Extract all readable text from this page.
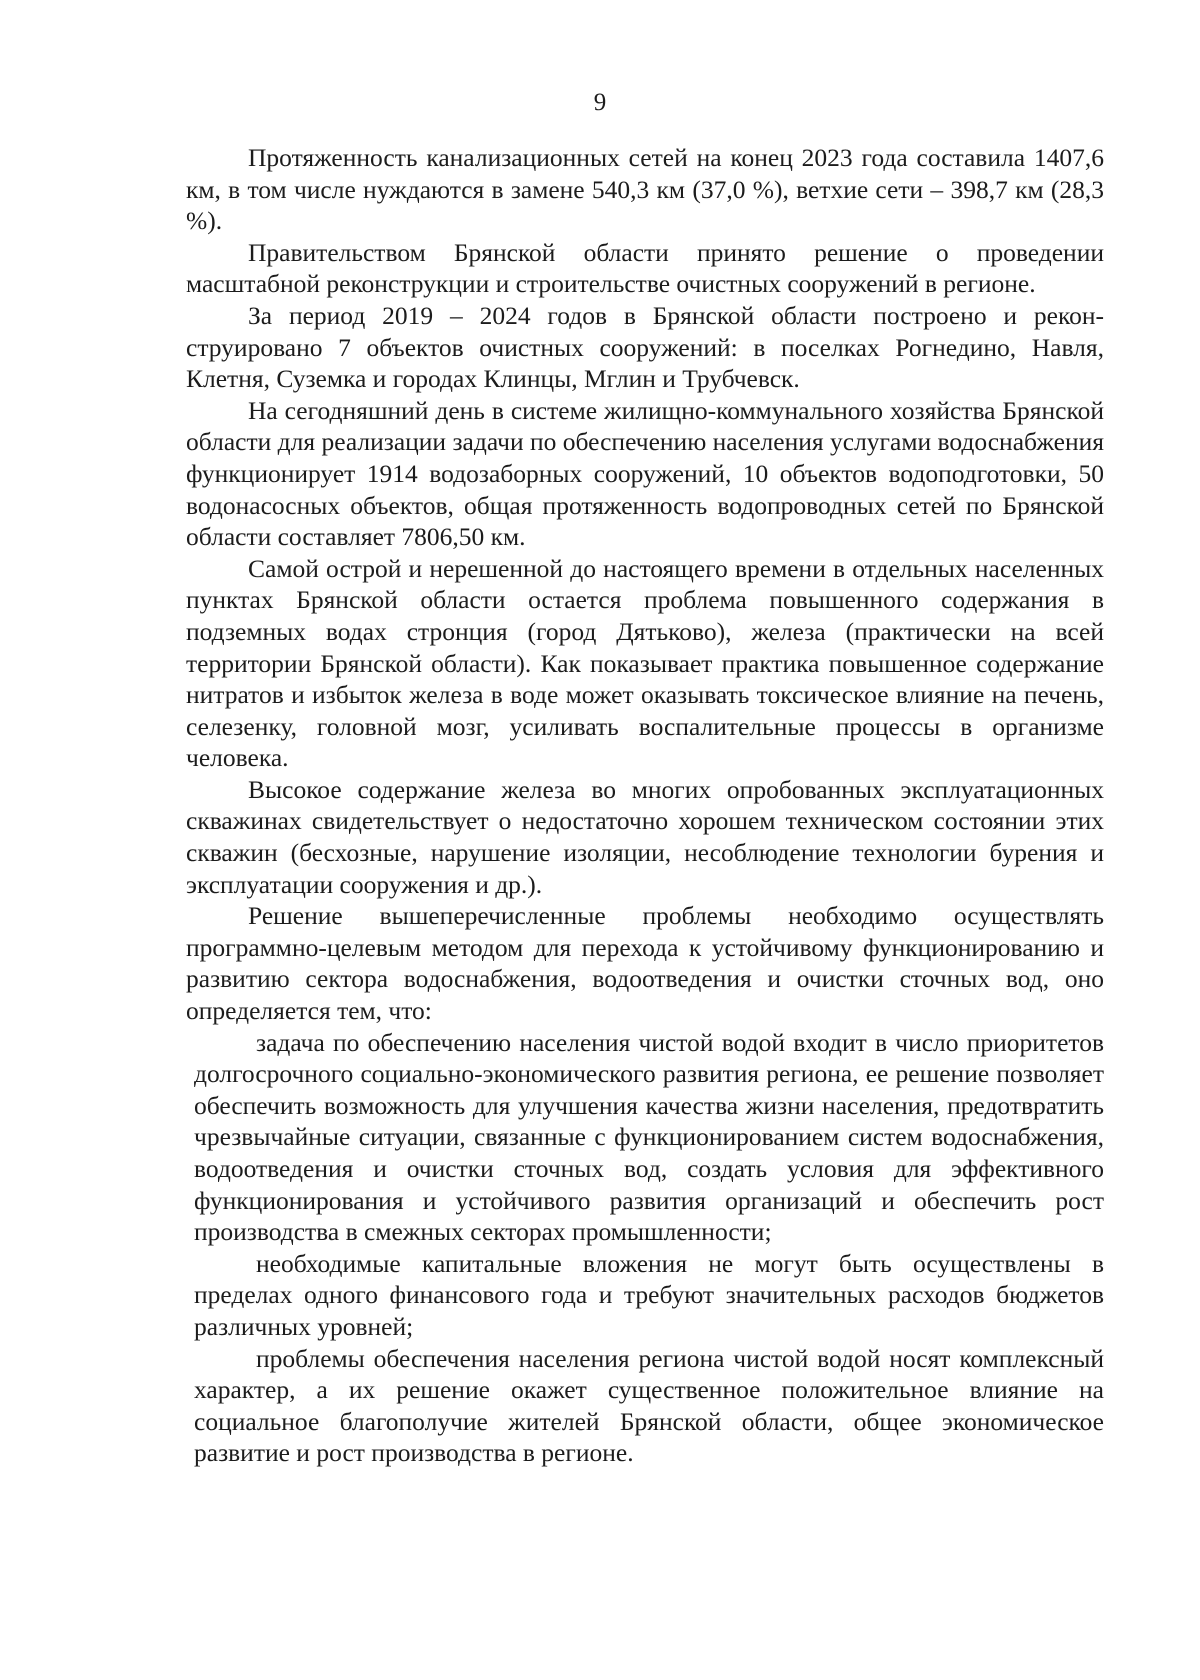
9

Протяженность канализационных сетей на конец 2023 года составила 1407,6 км, в том числе нуждаются в замене 540,3 км (37,0 %), ветхие сети – 398,7 км (28,3 %).

Правительством Брянской области принято решение о проведении масштабной реконструкции и строительстве очистных сооружений в регионе.

За период 2019 – 2024 годов в Брянской области построено и реконструировано 7 объектов очистных сооружений: в поселках Рогнедино, Навля, Клетня, Суземка и городах Клинцы, Мглин и Трубчевск.

На сегодняшний день в системе жилищно-коммунального хозяйства Брянской области для реализации задачи по обеспечению населения услугами водоснабжения функционирует 1914 водозаборных сооружений, 10 объектов водоподготовки, 50 водонасосных объектов, общая протяженность водопроводных сетей по Брянской области составляет 7806,50 км.

Самой острой и нерешенной до настоящего времени в отдельных населенных пунктах Брянской области остается проблема повышенного содержания в подземных водах стронция (город Дятьково), железа (практически на всей территории Брянской области). Как показывает практика повышенное содержание нитратов и избыток железа в воде может оказывать токсическое влияние на печень, селезенку, головной мозг, усиливать воспалительные процессы в организме человека.

Высокое содержание железа во многих опробованных эксплуатационных скважинах свидетельствует о недостаточно хорошем техническом состоянии этих скважин (бесхозные, нарушение изоляции, несоблюдение технологии бурения и эксплуатации сооружения и др.).

Решение вышеперечисленные проблемы необходимо осуществлять программно-целевым методом для перехода к устойчивому функционированию и развитию сектора водоснабжения, водоотведения и очистки сточных вод, оно определяется тем, что:

задача по обеспечению населения чистой водой входит в число приоритетов долгосрочного социально-экономического развития региона, ее решение позволяет обеспечить возможность для улучшения качества жизни населения, предотвратить чрезвычайные ситуации, связанные с функционированием систем водоснабжения, водоотведения и очистки сточных вод, создать условия для эффективного функционирования и устойчивого развития организаций и обеспечить рост производства в смежных секторах промышленности;

необходимые капитальные вложения не могут быть осуществлены в пределах одного финансового года и требуют значительных расходов бюджетов различных уровней;

проблемы обеспечения населения региона чистой водой носят комплексный характер, а их решение окажет существенное положительное влияние на социальное благополучие жителей Брянской области, общее экономическое развитие и рост производства в регионе.
